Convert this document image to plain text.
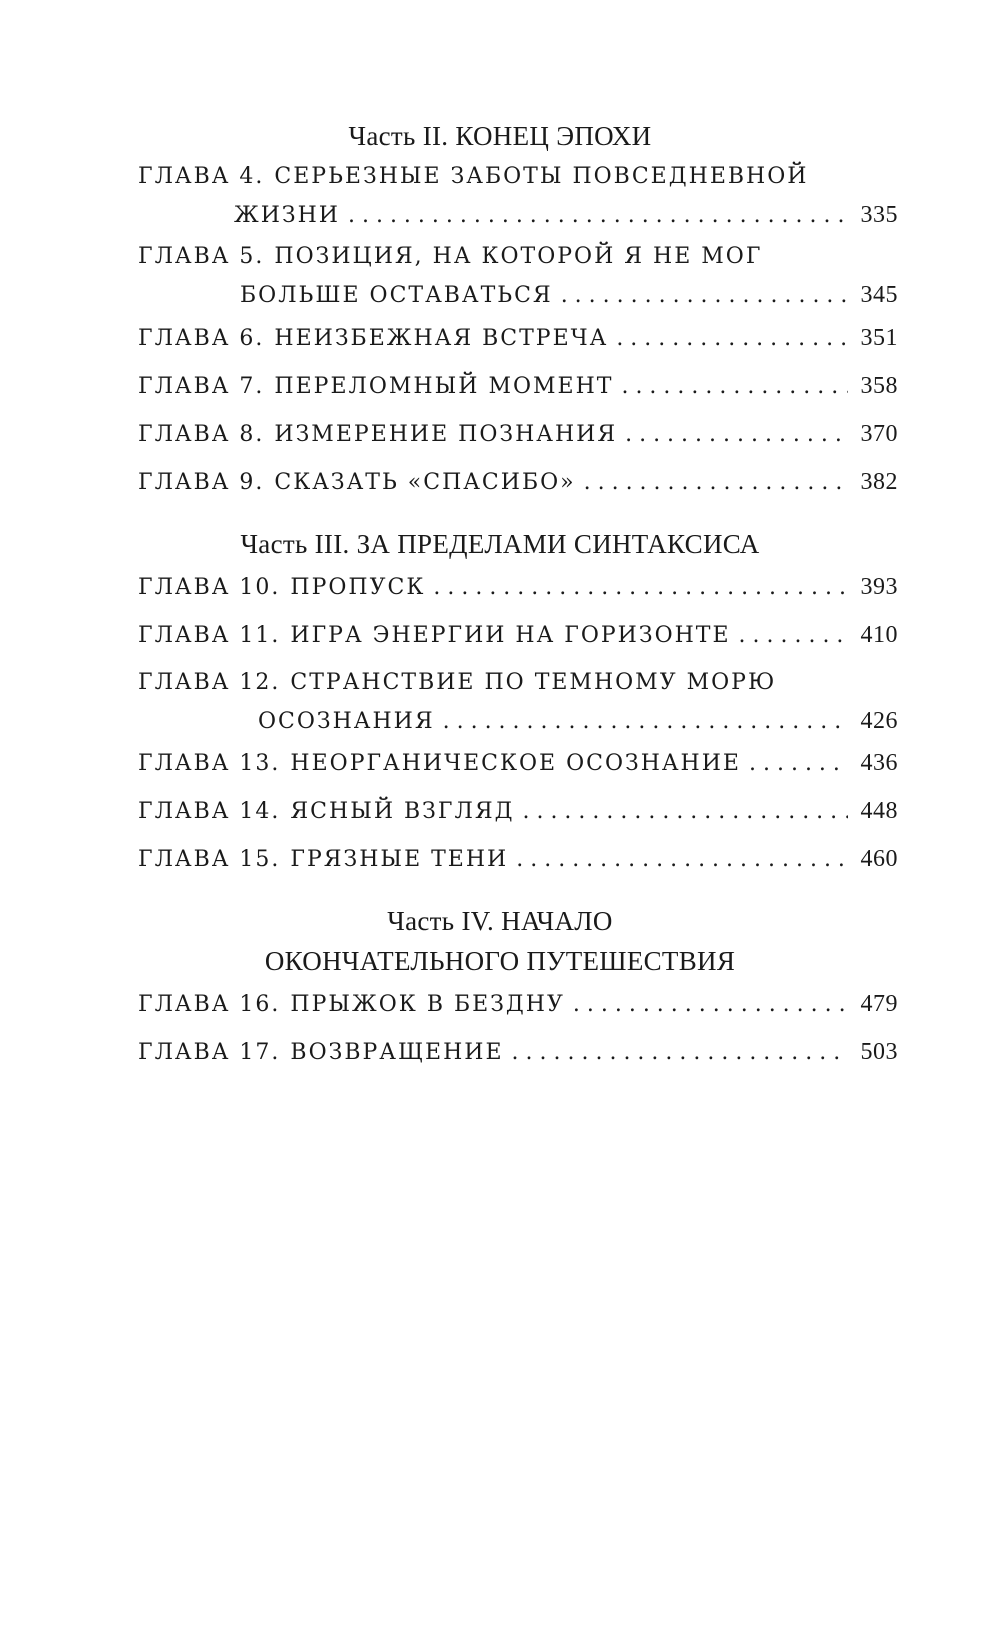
Часть II. КОНЕЦ ЭПОХИ
ГЛАВА 4. СЕРЬЕЗНЫЕ ЗАБОТЫ ПОВСЕДНЕВНОЙ
ЖИЗНИ . . .	335
ГЛАВА 5. ПОЗИЦИЯ, НА КОТОРОЙ Я НЕ МОГ
БОЛЬШЕ ОСТАВАТЬСЯ . . .	345
ГЛАВА 6. НЕИЗБЕЖНАЯ ВСТРЕЧА . . .	351
ГЛАВА 7. ПЕРЕЛОМНЫЙ МОМЕНТ . . .	358
ГЛАВА 8. ИЗМЕРЕНИЕ ПОЗНАНИЯ . . .	370
ГЛАВА 9. СКАЗАТЬ «СПАСИБО» . . .	382
Часть III. ЗА ПРЕДЕЛАМИ СИНТАКСИСА
ГЛАВА 10. ПРОПУСК . . .	393
ГЛАВА 11. ИГРА ЭНЕРГИИ НА ГОРИЗОНТЕ . . .	410
ГЛАВА 12. СТРАНСТВИЕ ПО ТЕМНОМУ МОРЮ
ОСОЗНАНИЯ . . .	426
ГЛАВА 13. НЕОРГАНИЧЕСКОЕ ОСОЗНАНИЕ . . .	436
ГЛАВА 14. ЯСНЫЙ ВЗГЛЯД . . .	448
ГЛАВА 15. ГРЯЗНЫЕ ТЕНИ . . .	460
Часть IV. НАЧАЛО
ОКОНЧАТЕЛЬНОГО ПУТЕШЕСТВИЯ
ГЛАВА 16. ПРЫЖОК В БЕЗДНУ . . .	479
ГЛАВА 17. ВОЗВРАЩЕНИЕ . . .	503
